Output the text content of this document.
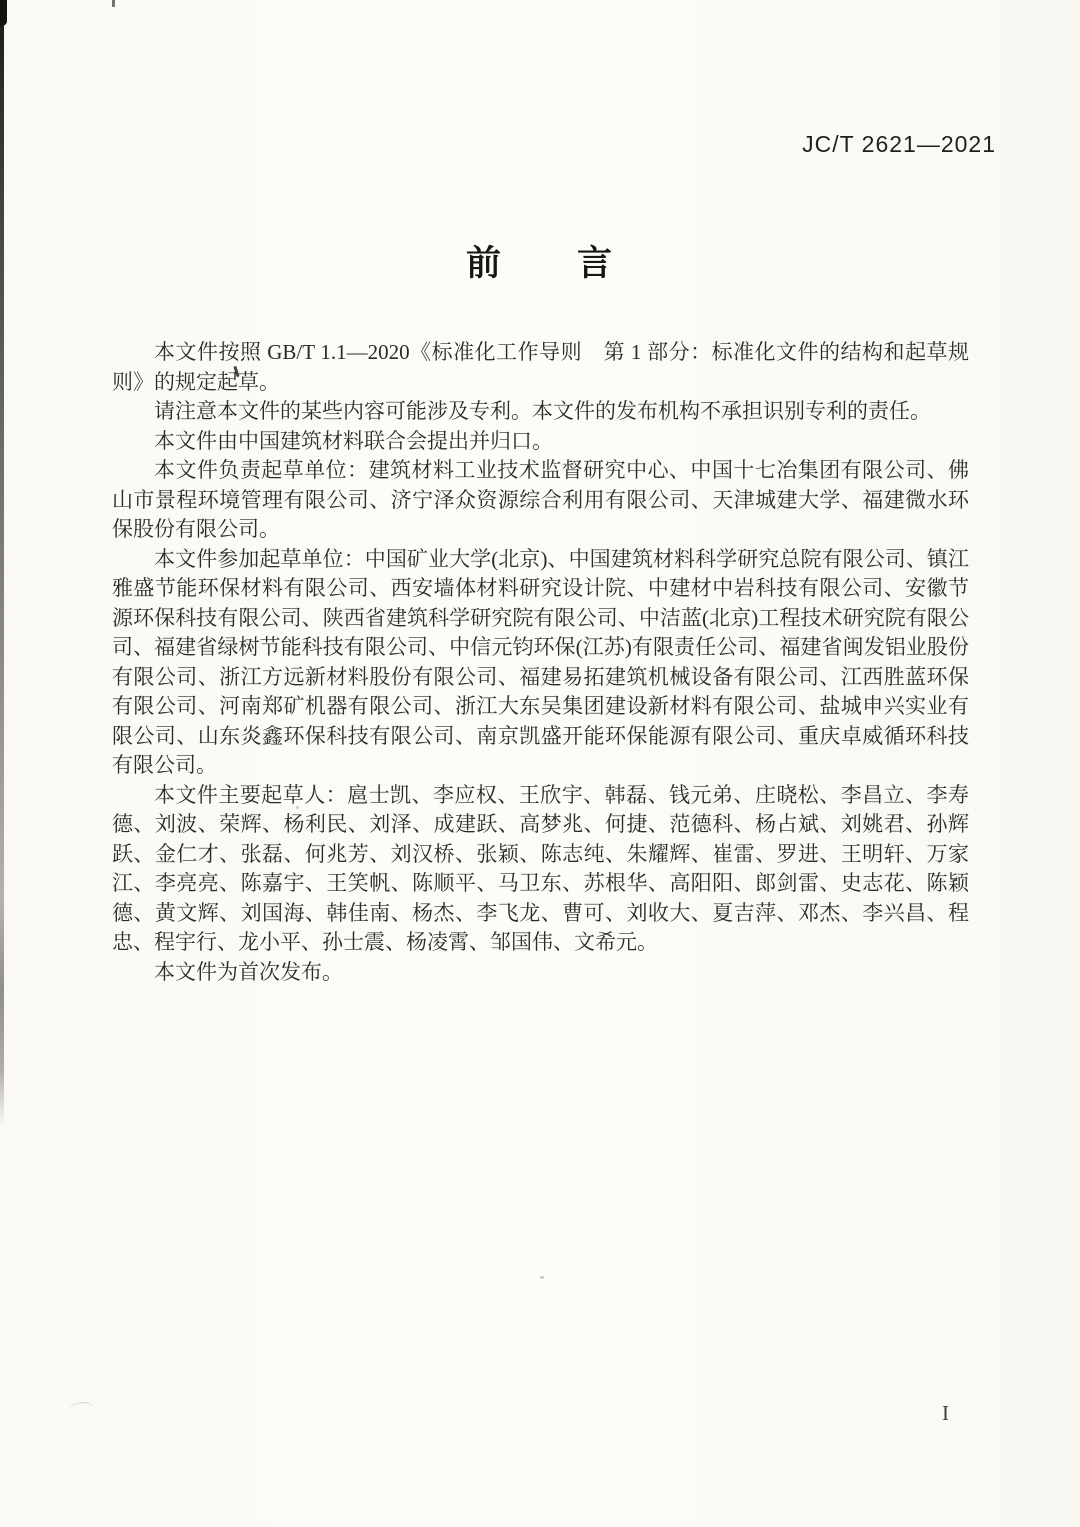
JC/T 2621—2021
前　　言

本文件按照 GB/T 1.1—2020《标准化工作导则　第 1 部分：标准化文件的结构和起草规则》的规定起草。

请注意本文件的某些内容可能涉及专利。本文件的发布机构不承担识别专利的责任。

本文件由中国建筑材料联合会提出并归口。

本文件负责起草单位：建筑材料工业技术监督研究中心、中国十七冶集团有限公司、佛山市景程环境管理有限公司、济宁泽众资源综合利用有限公司、天津城建大学、福建微水环保股份有限公司。

本文件参加起草单位：中国矿业大学(北京)、中国建筑材料科学研究总院有限公司、镇江雅盛节能环保材料有限公司、西安墙体材料研究设计院、中建材中岩科技有限公司、安徽节源环保科技有限公司、陕西省建筑科学研究院有限公司、中洁蓝(北京)工程技术研究院有限公司、福建省绿树节能科技有限公司、中信元钧环保(江苏)有限责任公司、福建省闽发铝业股份有限公司、浙江方远新材料股份有限公司、福建易拓建筑机械设备有限公司、江西胜蓝环保有限公司、河南郑矿机器有限公司、浙江大东吴集团建设新材料有限公司、盐城申兴实业有限公司、山东炎鑫环保科技有限公司、南京凯盛开能环保能源有限公司、重庆卓威循环科技有限公司。

本文件主要起草人：扈士凯、李应权、王欣宇、韩磊、钱元弟、庄晓松、李昌立、李寿德、刘波、荣辉、杨利民、刘泽、成建跃、高梦兆、何捷、范德科、杨占斌、刘姚君、孙辉跃、金仁才、张磊、何兆芳、刘汉桥、张颖、陈志纯、朱耀辉、崔雷、罗进、王明轩、万家江、李亮亮、陈嘉宇、王笑帆、陈顺平、马卫东、苏根华、高阳阳、郎剑雷、史志花、陈颖德、黄文辉、刘国海、韩佳南、杨杰、李飞龙、曹可、刘收大、夏吉萍、邓杰、李兴昌、程忠、程宇行、龙小平、孙士震、杨凌霄、邹国伟、文希元。

本文件为首次发布。

I
